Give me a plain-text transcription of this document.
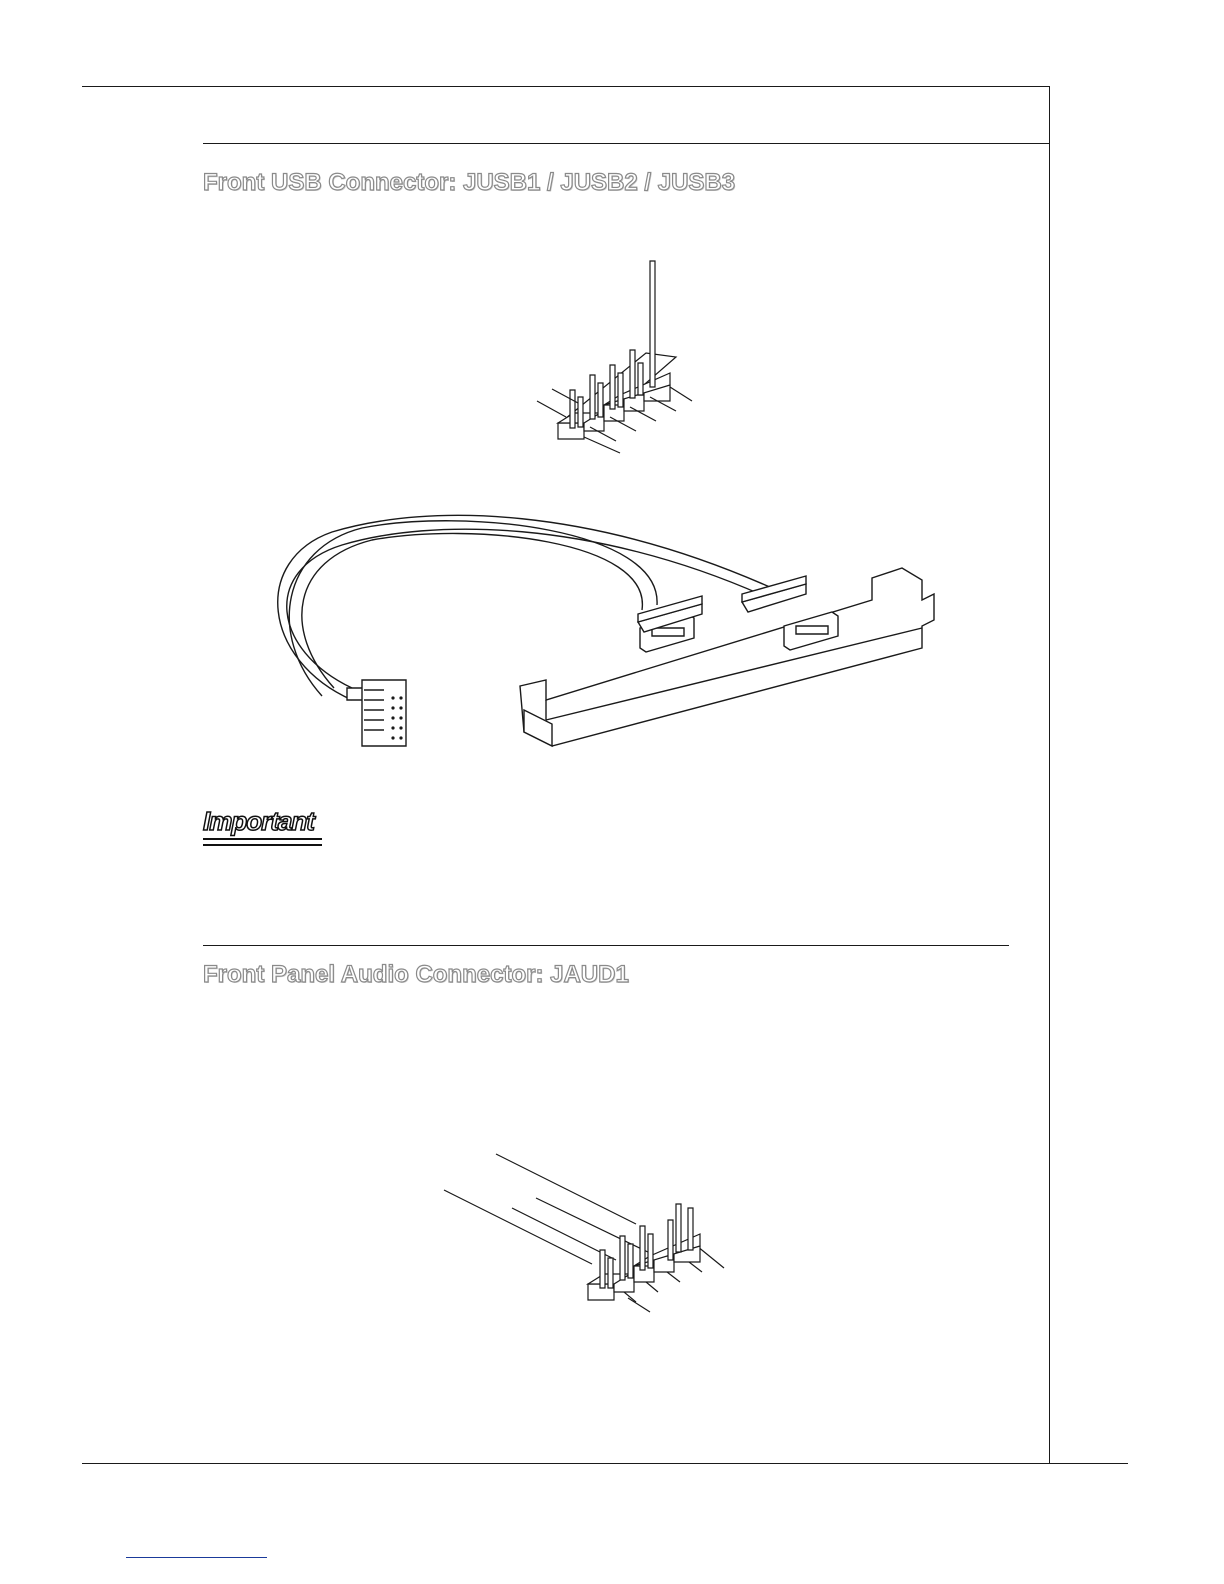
Front USB Connector: JUSB1 / JUSB2 / JUSB3
Front Panel Audio Connector: JAUD1
Important
